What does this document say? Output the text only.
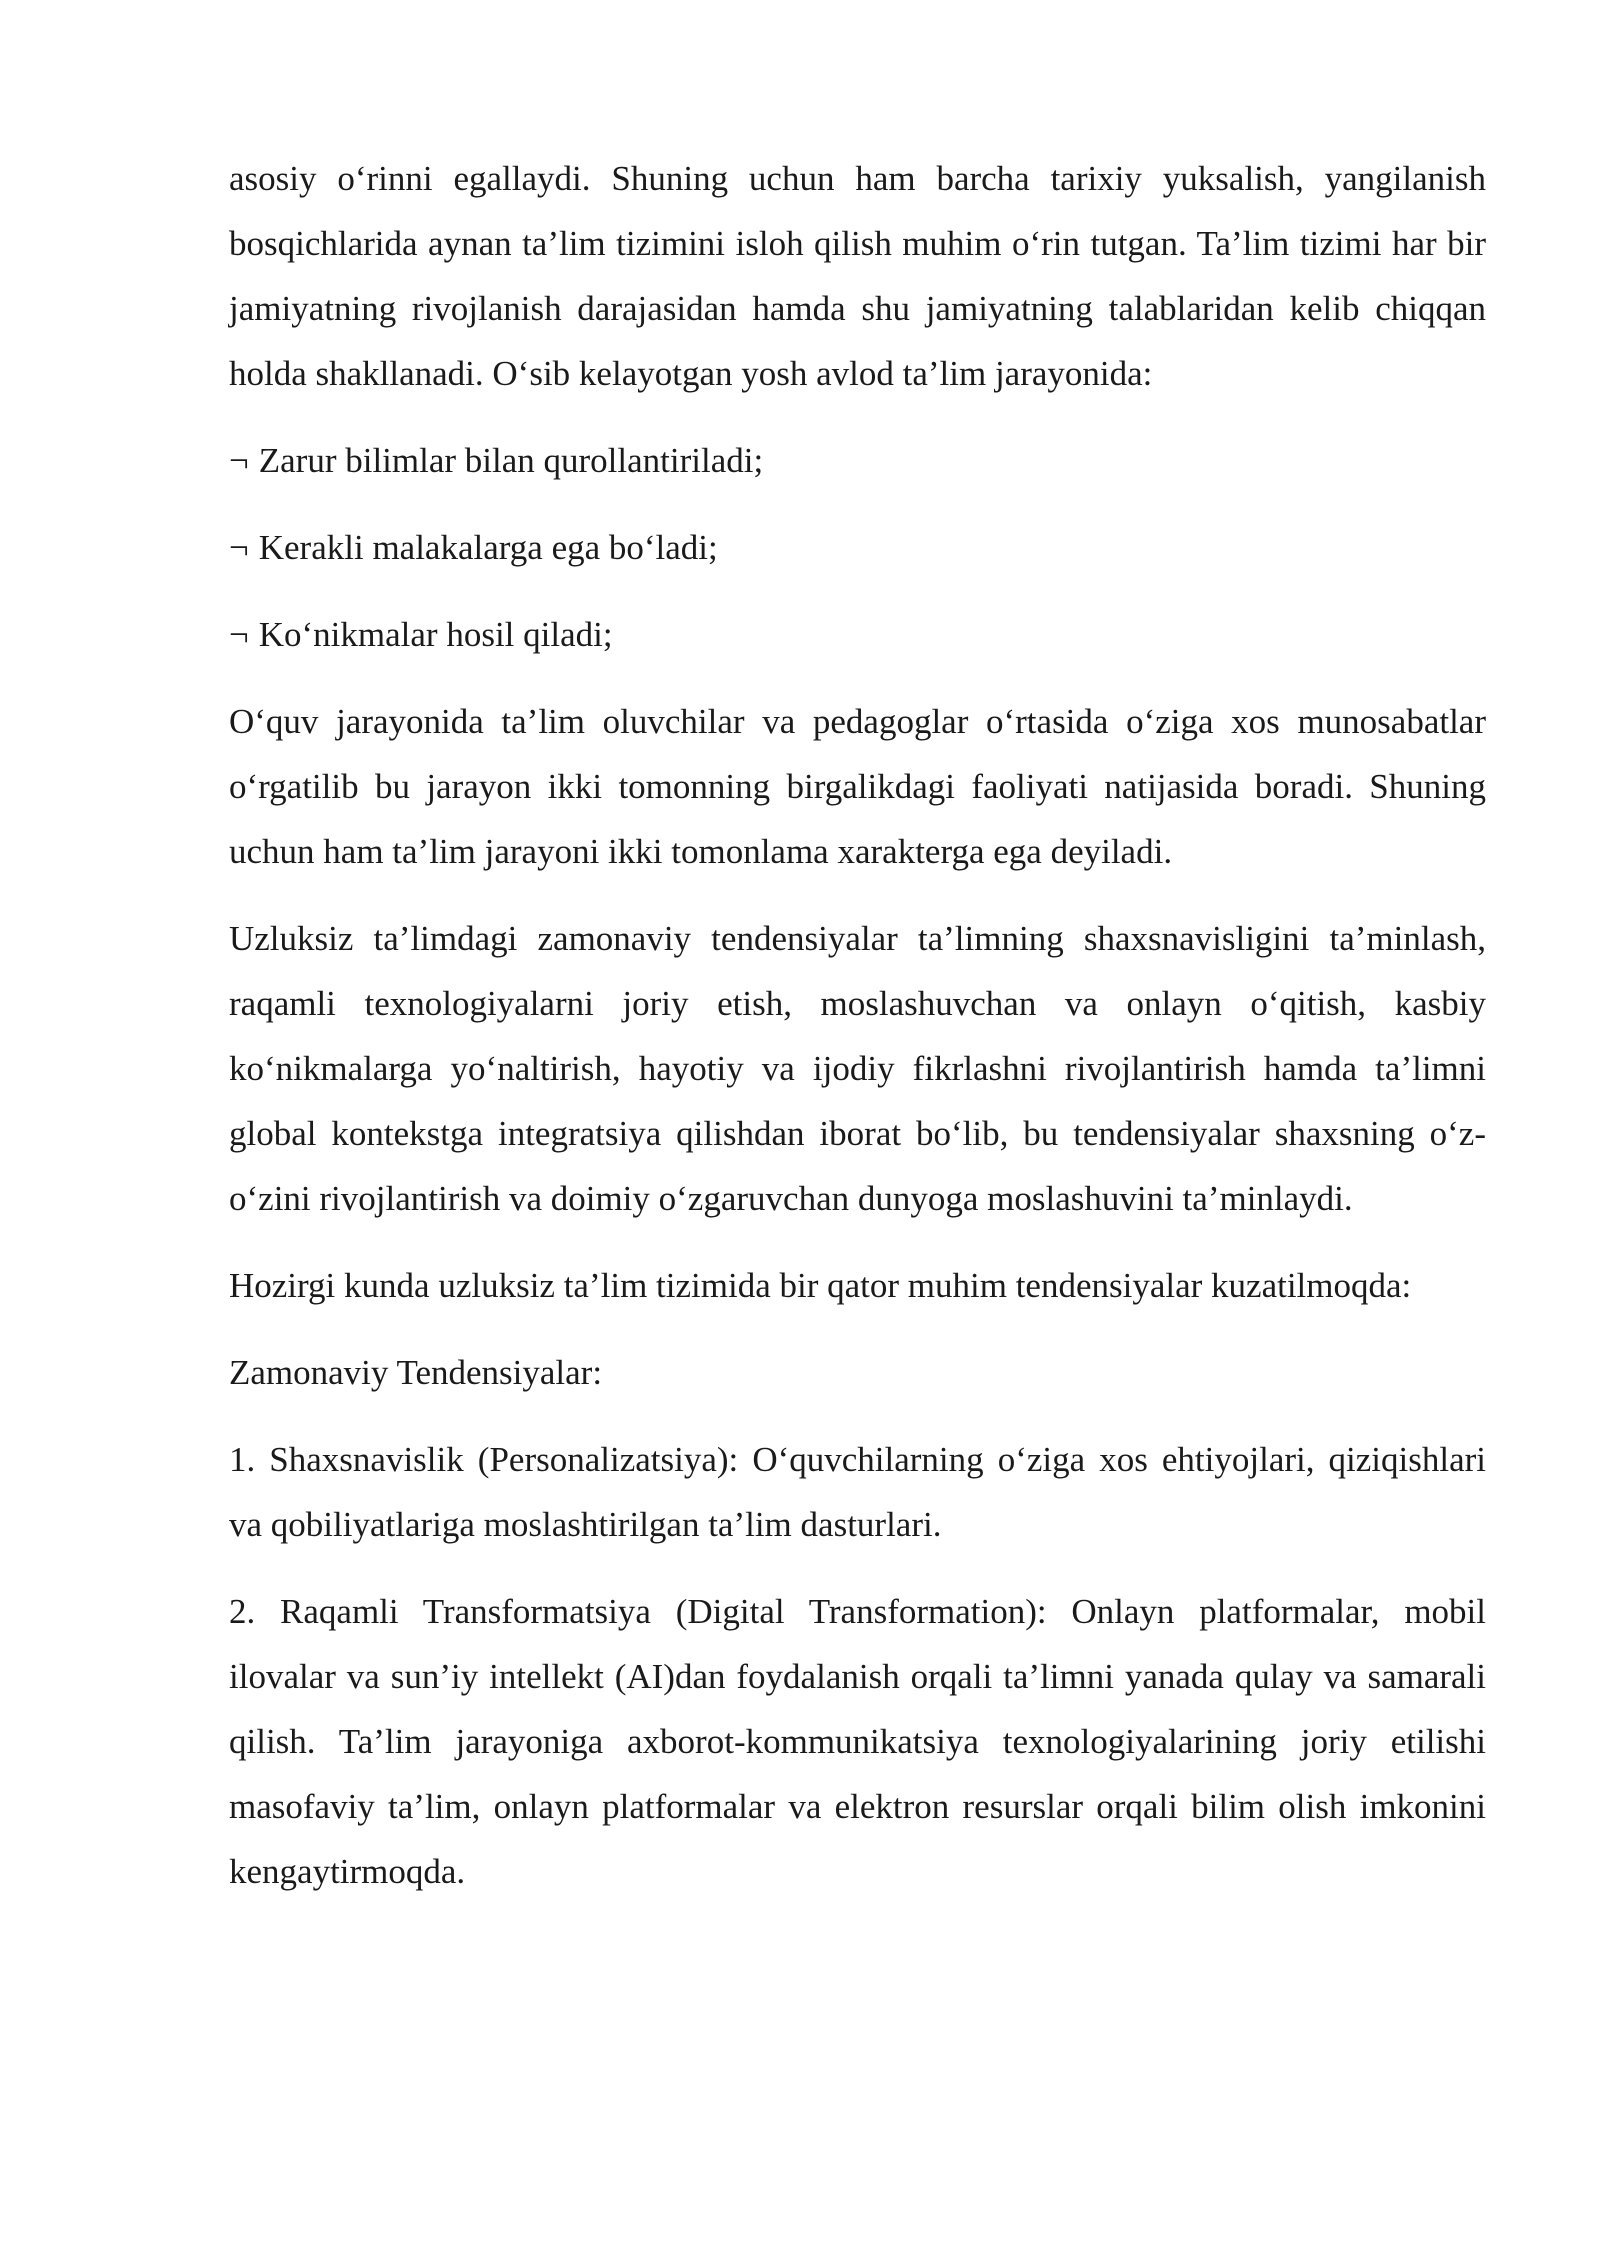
asosiy o‘rinni egallaydi. Shuning uchun ham barcha tarixiy yuksalish, yangilanish bosqichlarida aynan ta’lim tizimini isloh qilish muhim o‘rin tutgan. Ta’lim tizimi har bir jamiyatning rivojlanish darajasidan hamda shu jamiyatning talablaridan kelib chiqqan holda shakllanadi. O‘sib kelayotgan yosh avlod ta’lim jarayonida:

¬ Zarur bilimlar bilan qurollantiriladi;
¬ Kerakli malakalarga ega bo‘ladi;
¬ Ko‘nikmalar hosil qiladi;

O‘quv jarayonida ta’lim oluvchilar va pedagoglar o‘rtasida o‘ziga xos munosabatlar o‘rgatilib bu jarayon ikki tomonning birgalikdagi faoliyati natijasida boradi. Shuning uchun ham ta’lim jarayoni ikki tomonlama xarakterga ega deyiladi.

Uzluksiz ta’limdagi zamonaviy tendensiyalar ta’limning shaxsnavisligini ta’minlash, raqamli texnologiyalarni joriy etish, moslashuvchan va onlayn o‘qitish, kasbiy ko‘nikmalarga yo‘naltirish, hayotiy va ijodiy fikrlashni rivojlantirish hamda ta’limni global kontekstga integratsiya qilishdan iborat bo‘lib, bu tendensiyalar shaxsning o‘z-o‘zini rivojlantirish va doimiy o‘zgaruvchan dunyoga moslashuvini ta’minlaydi.

Hozirgi kunda uzluksiz ta’lim tizimida bir qator muhim tendensiyalar kuzatilmoqda:

Zamonaviy Tendensiyalar:

1. Shaxsnavislik (Personalizatsiya): O‘quvchilarning o‘ziga xos ehtiyojlari, qiziqishlari va qobiliyatlariga moslashtirilgan ta’lim dasturlari.

2. Raqamli Transformatsiya (Digital Transformation): Onlayn platformalar, mobil ilovalar va sun’iy intellekt (AI)dan foydalanish orqali ta’limni yanada qulay va samarali qilish. Ta’lim jarayoniga axborot-kommunikatsiya texnologiyalarining joriy etilishi masofaviy ta’lim, onlayn platformalar va elektron resurslar orqali bilim olish imkonini kengaytirmoqda.
